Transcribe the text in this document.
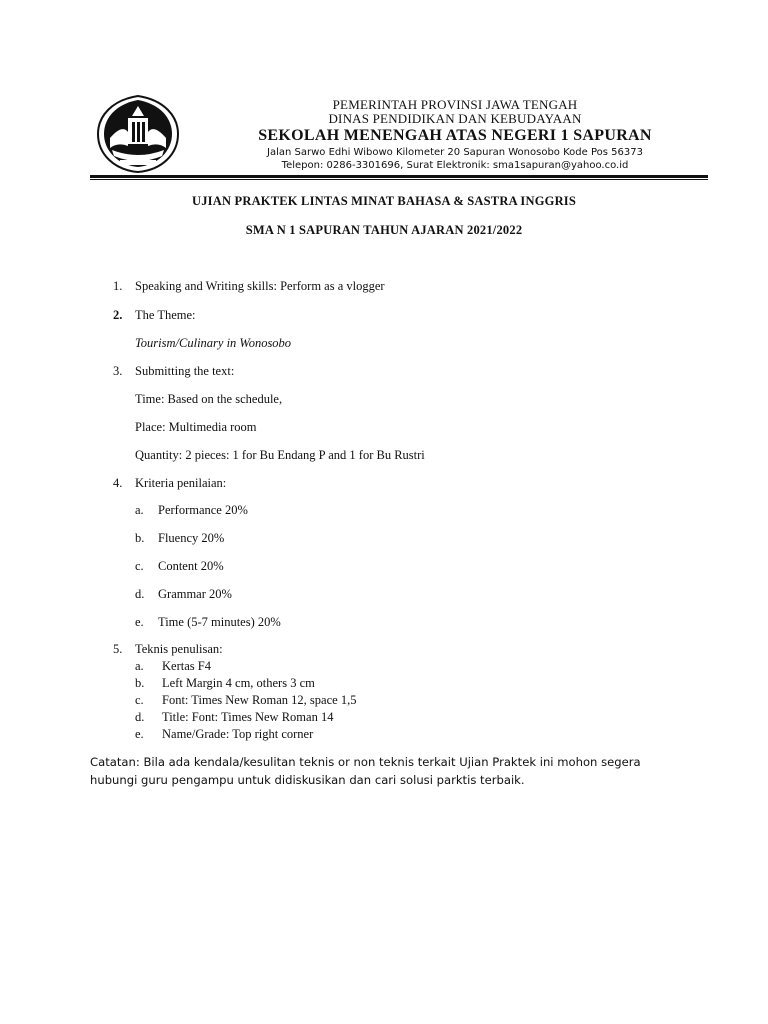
PEMERINTAH PROVINSI JAWA TENGAH
DINAS PENDIDIKAN DAN KEBUDAYAAN
SEKOLAH MENENGAH ATAS NEGERI 1 SAPURAN
Jalan Sarwo Edhi Wibowo Kilometer 20 Sapuran Wonosobo Kode Pos 56373
Telepon: 0286-3301696, Surat Elektronik: sma1sapuran@yahoo.co.id
UJIAN PRAKTEK LINTAS MINAT BAHASA & SASTRA INGGRIS
SMA N 1 SAPURAN TAHUN AJARAN 2021/2022
1. Speaking and Writing skills: Perform as a vlogger
2. The Theme:
Tourism/Culinary in Wonosobo
3. Submitting the text:
Time: Based on the schedule,
Place: Multimedia room
Quantity: 2 pieces: 1 for Bu Endang P and 1 for Bu Rustri
4. Kriteria penilaian:
a. Performance 20%
b. Fluency 20%
c. Content 20%
d. Grammar 20%
e. Time (5-7 minutes) 20%
5. Teknis penulisan:
a. Kertas F4
b. Left Margin 4 cm, others 3 cm
c. Font: Times New Roman 12, space 1,5
d. Title: Font: Times New Roman 14
e. Name/Grade: Top right corner
Catatan: Bila ada kendala/kesulitan teknis or non teknis terkait Ujian Praktek ini mohon segera hubungi guru pengampu untuk didiskusikan dan cari solusi parktis terbaik.
